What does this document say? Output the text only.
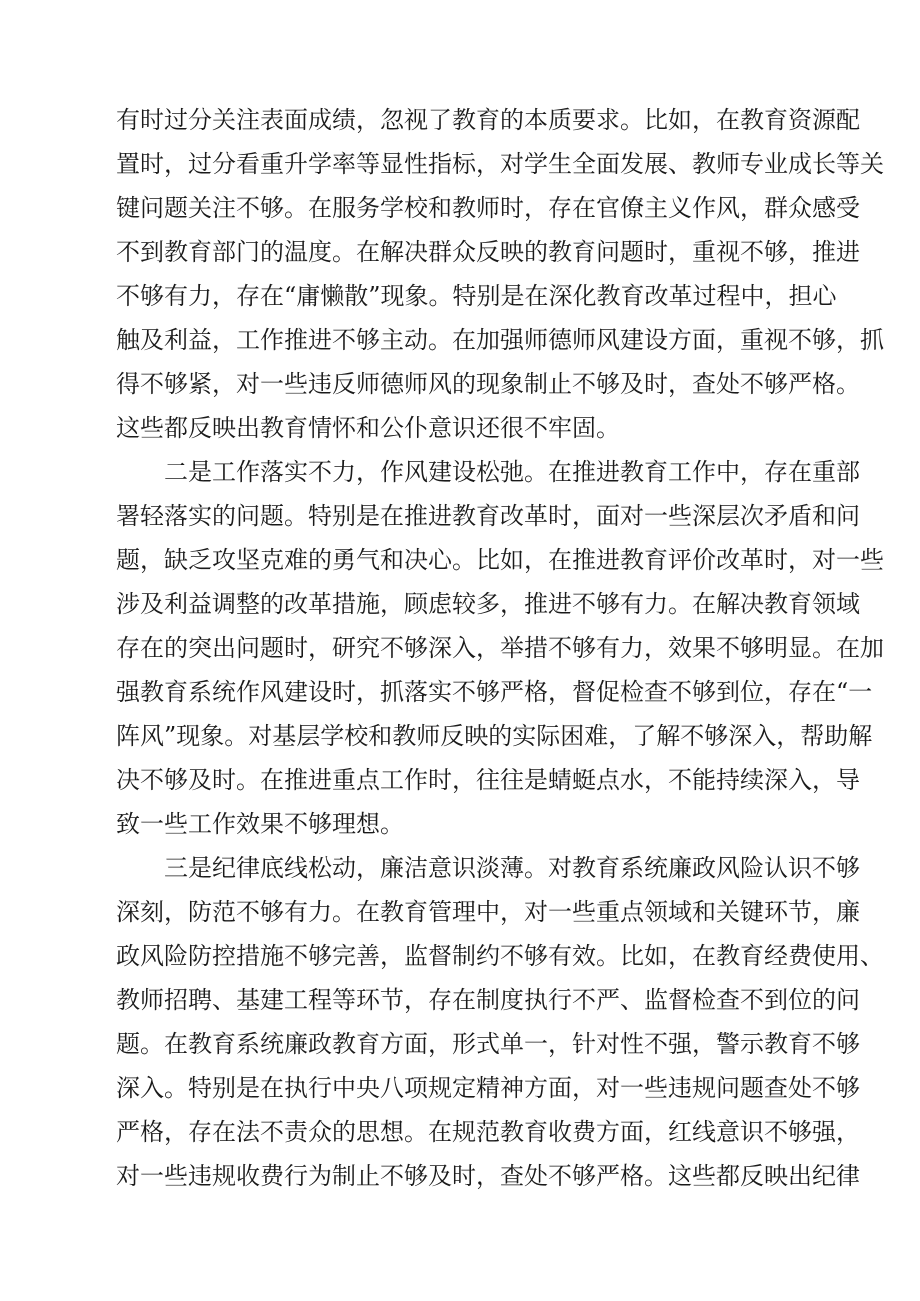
有时过分关注表面成绩，忽视了教育的本质要求。比如，在教育资源配
置时，过分看重升学率等显性指标，对学生全面发展、教师专业成长等关
键问题关注不够。在服务学校和教师时，存在官僚主义作风，群众感受
不到教育部门的温度。在解决群众反映的教育问题时，重视不够，推进
不够有力，存在“庸懒散”现象。特别是在深化教育改革过程中，担心
触及利益，工作推进不够主动。在加强师德师风建设方面，重视不够，抓
得不够紧，对一些违反师德师风的现象制止不够及时，查处不够严格。
这些都反映出教育情怀和公仆意识还很不牢固。
二是工作落实不力，作风建设松弛。在推进教育工作中，存在重部
署轻落实的问题。特别是在推进教育改革时，面对一些深层次矛盾和问
题，缺乏攻坚克难的勇气和决心。比如，在推进教育评价改革时，对一些
涉及利益调整的改革措施，顾虑较多，推进不够有力。在解决教育领域
存在的突出问题时，研究不够深入，举措不够有力，效果不够明显。在加
强教育系统作风建设时，抓落实不够严格，督促检查不够到位，存在“一
阵风”现象。对基层学校和教师反映的实际困难，了解不够深入，帮助解
决不够及时。在推进重点工作时，往往是蜻蜓点水，不能持续深入，导
致一些工作效果不够理想。
三是纪律底线松动，廉洁意识淡薄。对教育系统廉政风险认识不够
深刻，防范不够有力。在教育管理中，对一些重点领域和关键环节，廉
政风险防控措施不够完善，监督制约不够有效。比如，在教育经费使用、
教师招聘、基建工程等环节，存在制度执行不严、监督检查不到位的问
题。在教育系统廉政教育方面，形式单一，针对性不强，警示教育不够
深入。特别是在执行中央八项规定精神方面，对一些违规问题查处不够
严格，存在法不责众的思想。在规范教育收费方面，红线意识不够强，
对一些违规收费行为制止不够及时，查处不够严格。这些都反映出纪律
